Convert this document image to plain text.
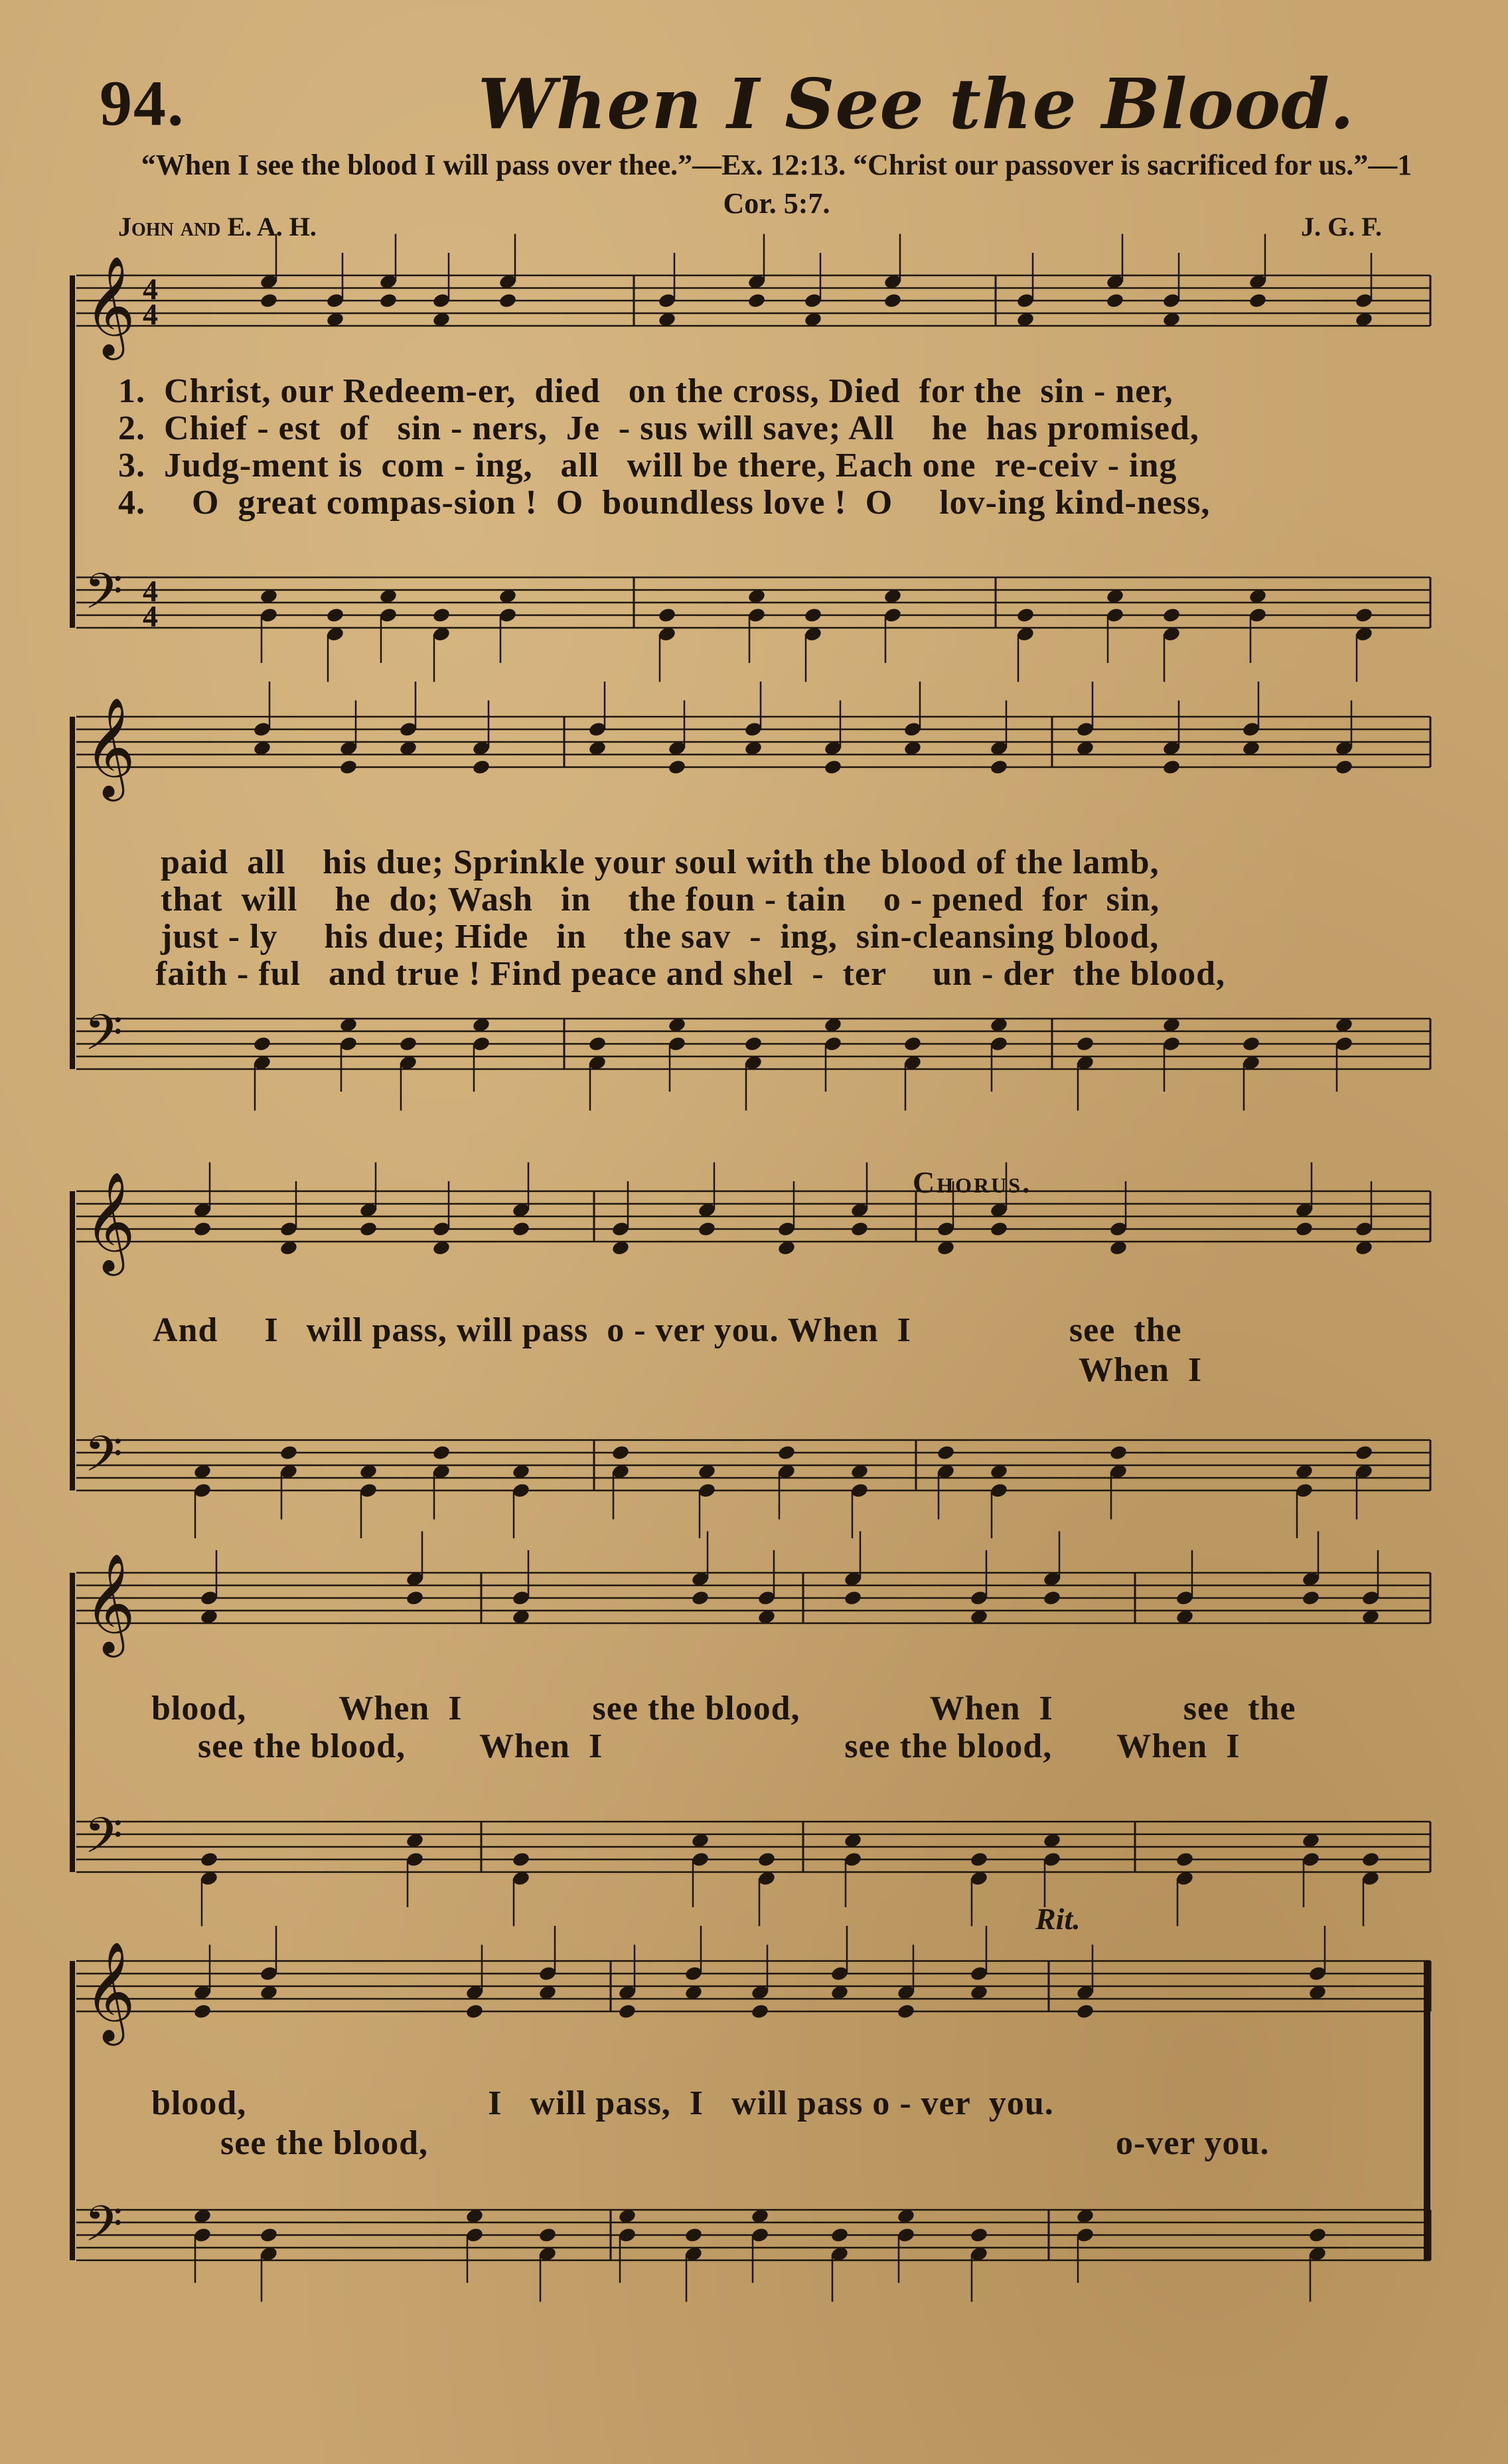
94.	When I See the Blood.
“When I see the blood I will pass over thee.”—Ex. 12:13. “Christ our passover is sacrificed for us.”—1 Cor. 5:7.
John and E. A. H.	J. G. F.
𝄞 4
4
𝄢 4
4
1.  Christ, our Redeem-er,  died   on the cross, Died  for the  sin - ner,
2.  Chief - est  of   sin - ners,  Je  - sus will save; All    he  has promised,
3.  Judg-ment is  com - ing,   all   will be there, Each one  re-ceiv - ing
4.     O  great compas-sion !  O  boundless love !  O     lov-ing kind-ness,
𝄞
𝄢
paid  all    his due; Sprinkle your soul with the blood of the lamb,
that  will    he  do; Wash   in    the foun - tain    o - pened  for  sin,
just - ly     his due; Hide   in    the sav  -  ing,  sin-cleansing blood,
faith - ful   and true ! Find peace and shel  -  ter     un - der  the blood,
𝄞
𝄢
Chorus.
And     I   will pass, will pass  o - ver you. When  I                 see  the
When  I
𝄞
𝄢
blood,          When  I              see the blood,              When  I              see  the
see the blood,        When  I                          see the blood,       When  I
Rit.
𝄞
𝄢
blood,                          I   will pass,  I   will pass o - ver  you.
see the blood,                                                                          o-ver you.
